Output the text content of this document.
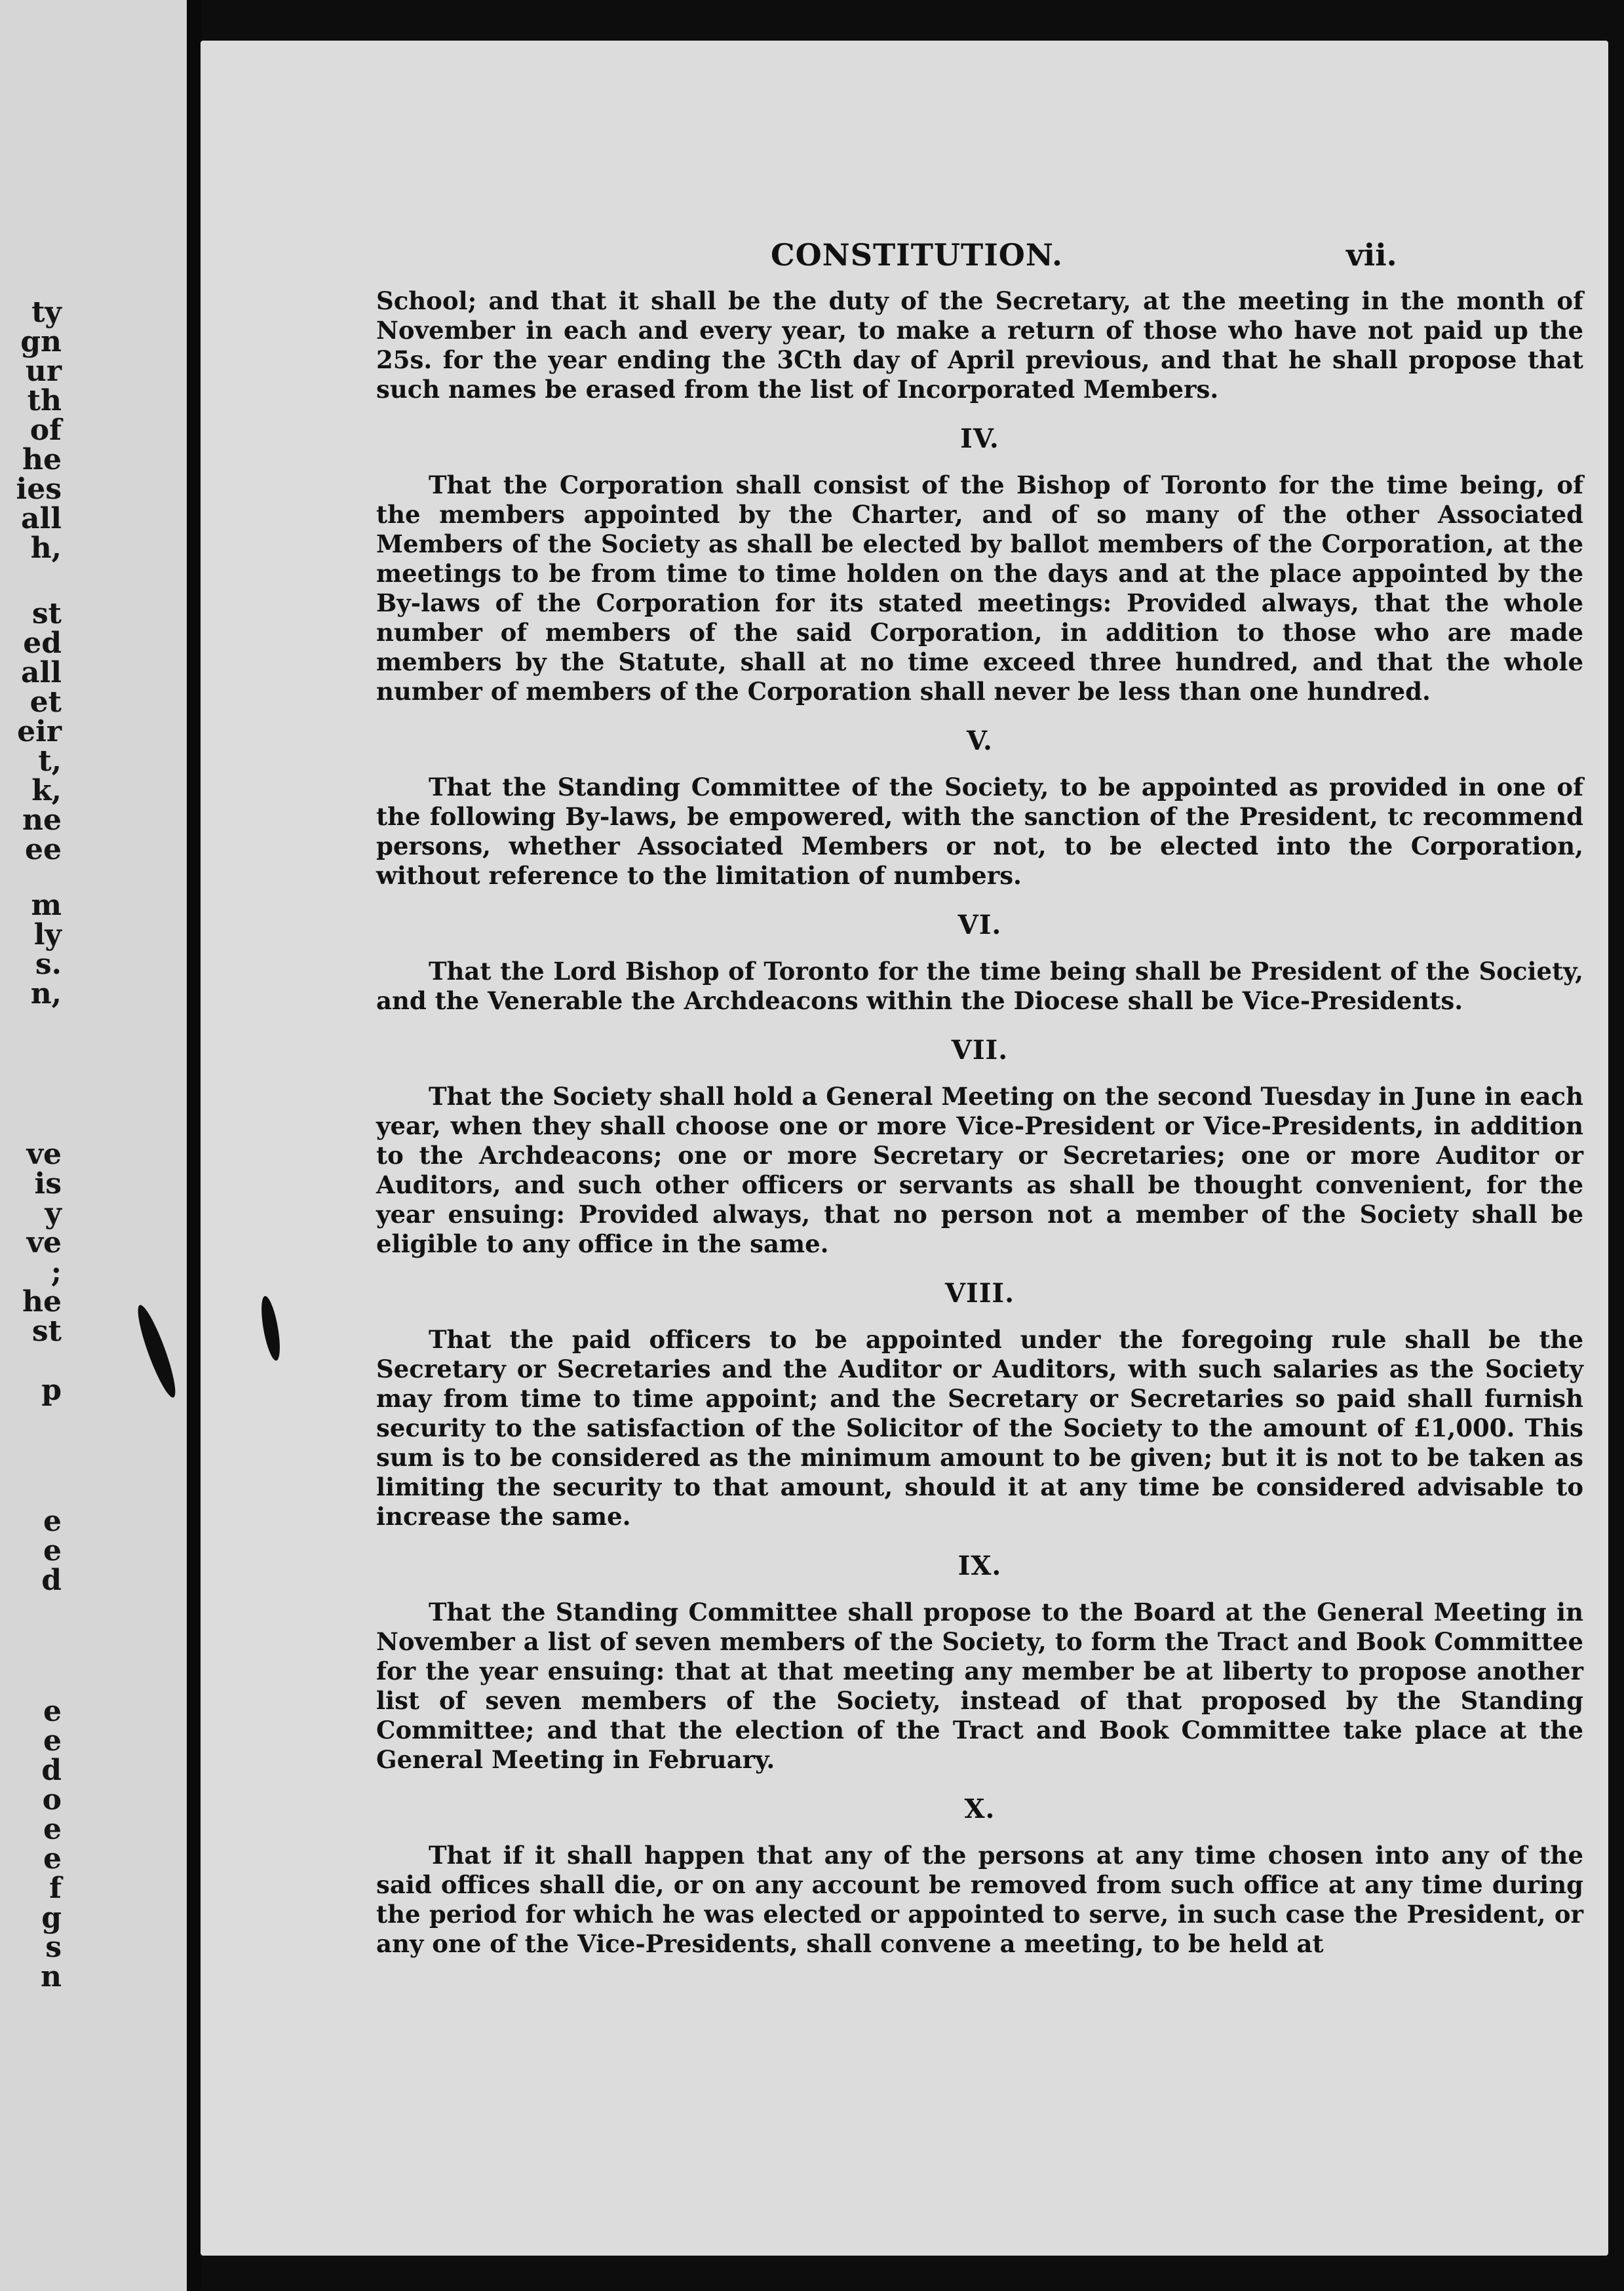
ty
gn
ur
th
of
he
ies
all
h,
st
ed
all
et
eir
t,
k,
ne
ee
m
ly
s.
n,
ve
is
y
ve
;
he
st
p
e
e
d
e
e
d
o
e
e
f
g
s
n
CONSTITUTION.	vii.

School; and that it shall be the duty of the Secretary, at the meeting in the month of November in each and every year, to make a return of those who have not paid up the 25s. for the year ending the 3Cth day of April previous, and that he shall propose that such names be erased from the list of Incorporated Members.

IV.

That the Corporation shall consist of the Bishop of Toronto for the time being, of the members appointed by the Charter, and of so many of the other Associated Members of the Society as shall be elected by ballot members of the Corporation, at the meetings to be from time to time holden on the days and at the place appointed by the By-laws of the Corporation for its stated meetings: Provided always, that the whole number of members of the said Corporation, in addition to those who are made members by the Statute, shall at no time exceed three hundred, and that the whole number of members of the Corporation shall never be less than one hundred.

V.

That the Standing Committee of the Society, to be appointed as provided in one of the following By-laws, be empowered, with the sanction of the President, tc recommend persons, whether Associated Members or not, to be elected into the Corporation, without reference to the limitation of numbers.

VI.

That the Lord Bishop of Toronto for the time being shall be President of the Society, and the Venerable the Archdeacons within the Diocese shall be Vice-Presidents.

VII.

That the Society shall hold a General Meeting on the second Tuesday in June in each year, when they shall choose one or more Vice-President or Vice-Presidents, in addition to the Archdeacons; one or more Secretary or Secretaries; one or more Auditor or Auditors, and such other officers or servants as shall be thought convenient, for the year ensuing: Provided always, that no person not a member of the Society shall be eligible to any office in the same.

VIII.

That the paid officers to be appointed under the foregoing rule shall be the Secretary or Secretaries and the Auditor or Auditors, with such salaries as the Society may from time to time appoint; and the Secretary or Secretaries so paid shall furnish security to the satisfaction of the Solicitor of the Society to the amount of £1,000. This sum is to be considered as the minimum amount to be given; but it is not to be taken as limiting the security to that amount, should it at any time be considered advisable to increase the same.

IX.

That the Standing Committee shall propose to the Board at the General Meeting in November a list of seven members of the Society, to form the Tract and Book Committee for the year ensuing: that at that meeting any member be at liberty to propose another list of seven members of the Society, instead of that proposed by the Standing Committee; and that the election of the Tract and Book Committee take place at the General Meeting in February.

X.

That if it shall happen that any of the persons at any time chosen into any of the said offices shall die, or on any account be removed from such office at any time during the period for which he was elected or appointed to serve, in such case the President, or any one of the Vice-Presidents, shall convene a meeting, to be held at
